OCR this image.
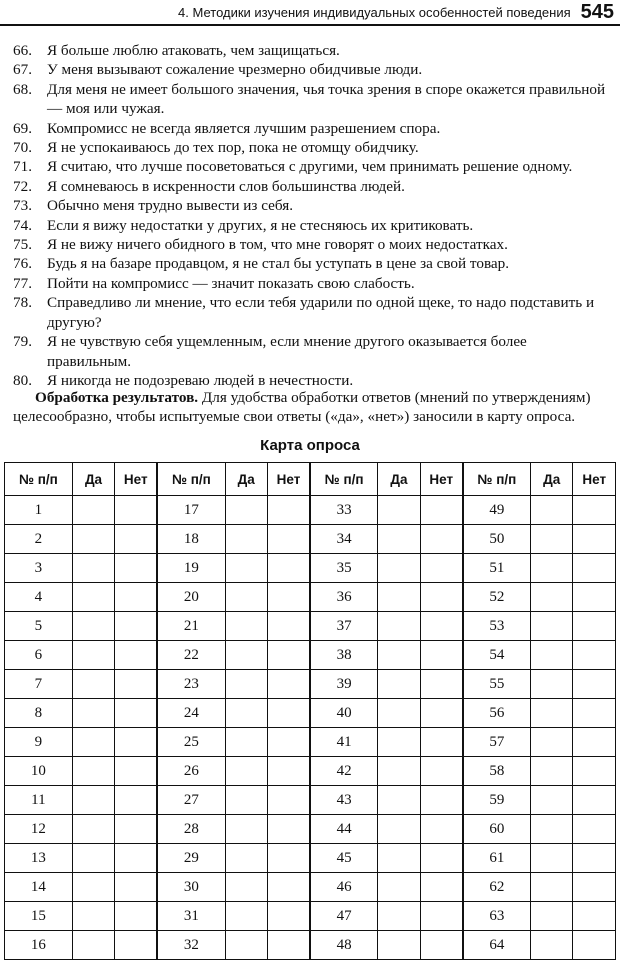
4. Методики изучения индивидуальных особенностей поведения 545
66. Я больше люблю атаковать, чем защищаться.
67. У меня вызывают сожаление чрезмерно обидчивые люди.
68. Для меня не имеет большого значения, чья точка зрения в споре окажется правильной — моя или чужая.
69. Компромисс не всегда является лучшим разрешением спора.
70. Я не успокаиваюсь до тех пор, пока не отомщу обидчику.
71. Я считаю, что лучше посоветоваться с другими, чем принимать решение одному.
72. Я сомневаюсь в искренности слов большинства людей.
73. Обычно меня трудно вывести из себя.
74. Если я вижу недостатки у других, я не стесняюсь их критиковать.
75. Я не вижу ничего обидного в том, что мне говорят о моих недостатках.
76. Будь я на базаре продавцом, я не стал бы уступать в цене за свой товар.
77. Пойти на компромисс — значит показать свою слабость.
78. Справедливо ли мнение, что если тебя ударили по одной щеке, то надо подставить и другую?
79. Я не чувствую себя ущемленным, если мнение другого оказывается более правильным.
80. Я никогда не подозреваю людей в нечестности.

Обработка результатов. Для удобства обработки ответов (мнений по утверждениям) целесообразно, чтобы испытуемые свои ответы («да», «нет») заносили в карту опроса.

Карта опроса
№ п/п	Да	Нет	№ п/п	Да	Нет	№ п/п	Да	Нет	№ п/п	Да	Нет
1			17			33			49		
2			18			34			50		
3			19			35			51		
4			20			36			52		
5			21			37			53		
6			22			38			54		
7			23			39			55		
8			24			40			56		
9			25			41			57		
10			26			42			58		
11			27			43			59		
12			28			44			60		
13			29			45			61		
14			30			46			62		
15			31			47			63		
16			32			48			64		
